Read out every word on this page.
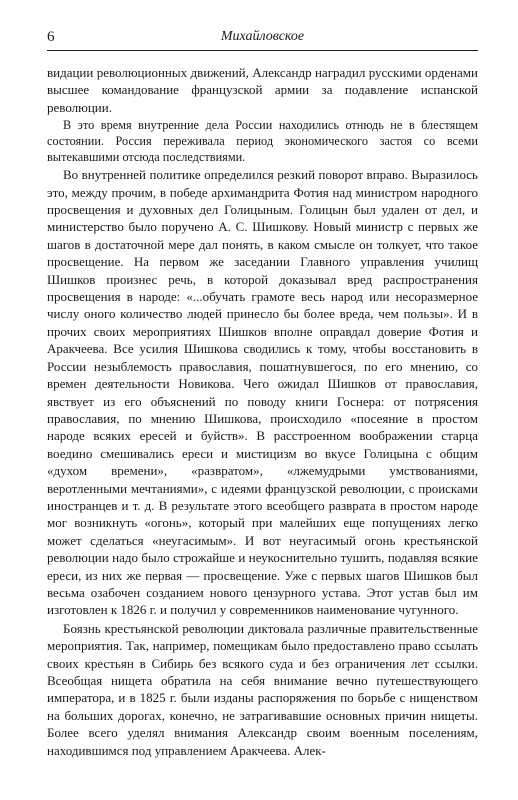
6	Михайловское

видации революционных движений, Александр наградил русскими орденами высшее командование французской армии за подавление испанской революции.

В это время внутренние дела России находились отнюдь не в блестящем состоянии. Россия переживала период экономического застоя со всеми вытекавшими отсюда последствиями.

Во внутренней политике определился резкий поворот вправо. Выразилось это, между прочим, в победе архимандрита Фотия над министром народного просвещения и духовных дел Голицыным. Голицын был удален от дел, и министерство было поручено А. С. Шишкову. Новый министр с первых же шагов в достаточной мере дал понять, в каком смысле он толкует, что такое просвещение. На первом же заседании Главного управления училищ Шишков произнес речь, в которой доказывал вред распространения просвещения в народе: «...обучать грамоте весь народ или несоразмерное числу оного количество людей принесло бы более вреда, чем пользы». И в прочих своих мероприятиях Шишков вполне оправдал доверие Фотия и Аракчеева. Все усилия Шишкова сводились к тому, чтобы восстановить в России незыблемость православия, пошатнувшегося, по его мнению, со времен деятельности Новикова. Чего ожидал Шишков от православия, явствует из его объяснений по поводу книги Госнера: от потрясения православия, по мнению Шишкова, происходило «посеяние в простом народе всяких ересей и буйств». В расстроенном воображении старца воедино смешивались ереси и мистицизм во вкусе Голицына с общим «духом времени», «развратом», «лжемудрыми умствованиями, веротленными мечтаниями», с идеями французской революции, с происками иностранцев и т. д. В результате этого всеобщего разврата в простом народе мог возникнуть «огонь», который при малейших еще попущениях легко может сделаться «неугасимым». И вот неугасимый огонь крестьянской революции надо было строжайше и неукоснительно тушить, подавляя всякие ереси, из них же первая — просвещение. Уже с первых шагов Шишков был весьма озабочен созданием нового цензурного устава. Этот устав был им изготовлен к 1826 г. и получил у современников наименование чугунного.

Боязнь крестьянской революции диктовала различные правительственные мероприятия. Так, например, помещикам было предоставлено право ссылать своих крестьян в Сибирь без всякого суда и без ограничения лет ссылки. Всеобщая нищета обратила на себя внимание вечно путешествующего императора, и в 1825 г. были изданы распоряжения по борьбе с нищенством на больших дорогах, конечно, не затрагивавшие основных причин нищеты. Более всего уделял внимания Александр своим военным поселениям, находившимся под управлением Аракчеева. Алек-
